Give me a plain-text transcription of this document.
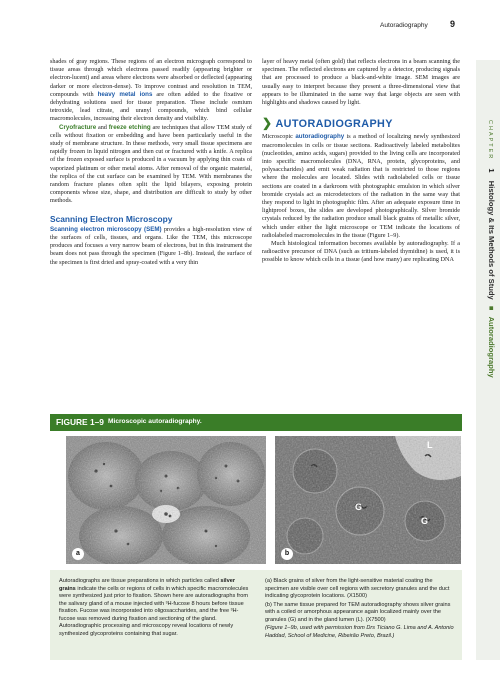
Autoradiography 9
CHAPTER 1 Histology & Its Methods of Study ■ Autoradiography

shades of gray regions. These regions of an electron micrograph correspond to tissue areas through which electrons passed readily (appearing brighter or electron-lucent) and areas where electrons were absorbed or deflected (appearing darker or more electron-dense). To improve contrast and resolution in TEM, compounds with heavy metal ions are often added to the fixative or dehydrating solutions used for tissue preparation. These include osmium tetroxide, lead citrate, and uranyl compounds, which bind cellular macromolecules, increasing their electron density and visibility.

Cryofracture and freeze etching are techniques that allow TEM study of cells without fixation or embedding and have been particularly useful in the study of membrane structure. In these methods, very small tissue specimens are rapidly frozen in liquid nitrogen and then cut or fractured with a knife. A replica of the frozen exposed surface is produced in a vacuum by applying thin coats of vaporized platinum or other metal atoms. After removal of the organic material, the replica of the cut surface can be examined by TEM. With membranes the random fracture planes often split the lipid bilayers, exposing protein components whose size, shape, and distribution are difficult to study by other methods.

Scanning Electron Microscopy

Scanning electron microscopy (SEM) provides a high-resolution view of the surfaces of cells, tissues, and organs. Like the TEM, this microscope produces and focuses a very narrow beam of electrons, but in this instrument the beam does not pass through the specimen (Figure 1–8b). Instead, the surface of the specimen is first dried and spray-coated with a very thin

layer of heavy metal (often gold) that reflects electrons in a beam scanning the specimen. The reflected electrons are captured by a detector, producing signals that are processed to produce a black-and-white image. SEM images are usually easy to interpret because they present a three-dimensional view that appears to be illuminated in the same way that large objects are seen with highlights and shadows caused by light.

❯ AUTORADIOGRAPHY

Microscopic autoradiography is a method of localizing newly synthesized macromolecules in cells or tissue sections. Radioactively labeled metabolites (nucleotides, amino acids, sugars) provided to the living cells are incorporated into specific macromolecules (DNA, RNA, protein, glycoproteins, and polysaccharides) and emit weak radiation that is restricted to those regions where the molecules are located. Slides with radiolabeled cells or tissue sections are coated in a darkroom with photographic emulsion in which silver bromide crystals act as microdetectors of the radiation in the same way that they respond to light in photographic film. After an adequate exposure time in lightproof boxes, the slides are developed photographically. Silver bromide crystals reduced by the radiation produce small black grains of metallic silver, which under either the light microscope or TEM indicate the locations of radiolabeled macromolecules in the tissue (Figure 1–9).

Much histological information becomes available by autoradiography. If a radioactive precursor of DNA (such as tritium-labeled thymidine) is used, it is possible to know which cells in a tissue (and how many) are replicating DNA

FIGURE 1–9 Microscopic autoradiography.
a
L
G
G
b

Autoradiographs are tissue preparations in which particles called silver grains indicate the cells or regions of cells in which specific macromolecules were synthesized just prior to fixation. Shown here are autoradiographs from the salivary gland of a mouse injected with ³H-fucose 8 hours before tissue fixation. Fucose was incorporated into oligosaccharides, and the free ³H-fucose was removed during fixation and sectioning of the gland. Autoradiographic processing and microscopy reveal locations of newly synthesized glycoproteins containing that sugar.

(a) Black grains of silver from the light-sensitive material coating the specimen are visible over cell regions with secretory granules and the duct indicating glycoprotein locations. (X1500)

(b) The same tissue prepared for TEM autoradiography shows silver grains with a coiled or amorphous appearance again localized mainly over the granules (G) and in the gland lumen (L). (X7500)

(Figure 1–9b, used with permission from Drs Ticiano G. Lima and A. Antonio Haddad, School of Medicine, Ribeirão Preto, Brazil.)
